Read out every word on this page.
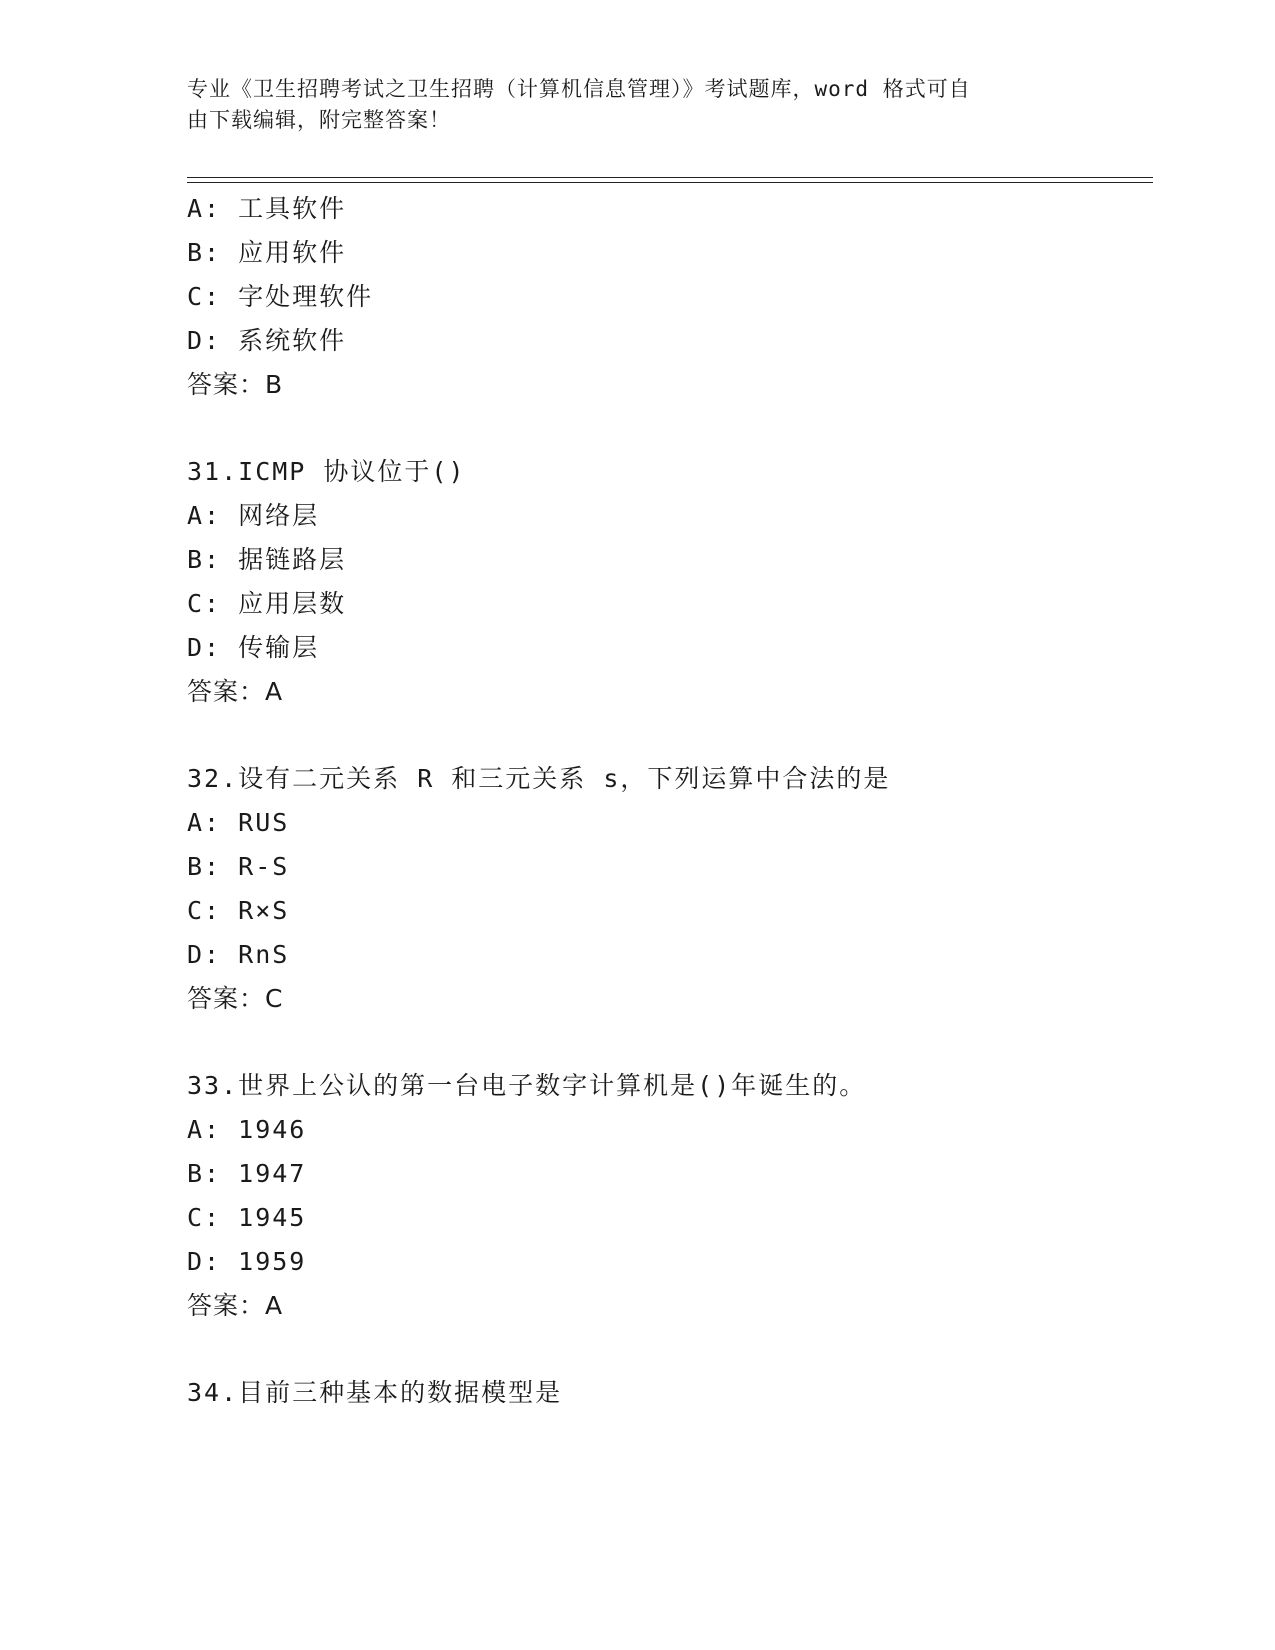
专业《卫生招聘考试之卫生招聘（计算机信息管理）》考试题库，word 格式可自
由下载编辑，附完整答案！
A: 工具软件
B: 应用软件
C: 字处理软件
D: 系统软件
答案：B
31.ICMP 协议位于()
A: 网络层
B: 据链路层
C: 应用层数
D: 传输层
答案：A
32.设有二元关系 R 和三元关系 s，下列运算中合法的是
A: RUS
B: R-S
C: R×S
D: RnS
答案：C
33.世界上公认的第一台电子数字计算机是()年诞生的。
A: 1946
B: 1947
C: 1945
D: 1959
答案：A
34.目前三种基本的数据模型是
